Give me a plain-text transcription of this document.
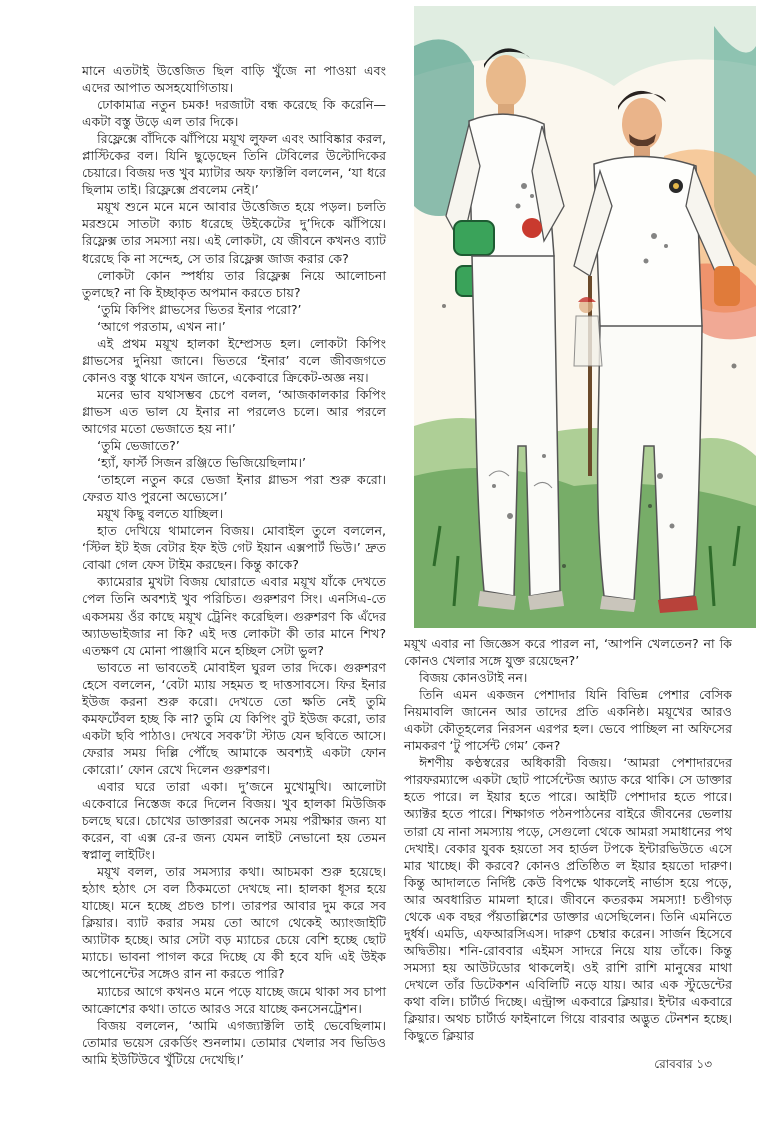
মানে এতটাই উত্তেজিত ছিল বাড়ি খুঁজে না পাওয়া এবং এদের আপাত অসহযোগিতায়।

ঢোকামাত্র নতুন চমক! দরজাটা বন্ধ করেছে কি করেনি— একটা বস্তু উড়ে এল তার দিকে।

রিফ্লেক্সে বাঁদিকে ঝাঁপিয়ে ময়ূখ লুফল এবং আবিষ্কার করল, প্লাস্টিকের বল। যিনি ছুড়েছেন তিনি টেবিলের উল্টোদিকের চেয়ারে। বিজয় দত্ত খুব ম্যাটার অফ ফ্যাক্টলি বললেন, ‘যা ধরে ছিলাম তাই। রিফ্লেক্সে প্রবলেম নেই।’

ময়ূখ শুনে মনে মনে আবার উত্তেজিত হয়ে পড়ল। চলতি মরশুমে সাতটা ক্যাচ ধরেছে উইকেটের দু’দিকে ঝাঁপিয়ে। রিফ্লেক্স তার সমস্যা নয়। এই লোকটা, যে জীবনে কখনও ব্যাট ধরেছে কি না সন্দেহ, সে তার রিফ্লেক্স জাজ করার কে?

লোকটা কোন স্পর্ধায় তার রিফ্লেক্স নিয়ে আলোচনা তুলছে? না কি ইচ্ছাকৃত অপমান করতে চায়?

‘তুমি কিপিং গ্লাভসের ভিতর ইনার পরো?’

‘আগে পরতাম, এখন না।’

এই প্রথম ময়ূখ হালকা ইম্প্রেসড হল। লোকটা কিপিং গ্লাভসের দুনিয়া জানে। ভিতরে ‘ইনার’ বলে জীবজগতে কোনও বস্তু থাকে যখন জানে, একেবারে ক্রিকেট-অজ্ঞ নয়।

মনের ভাব যথাসম্ভব চেপে বলল, ‘আজকালকার কিপিং গ্লাভস এত ভাল যে ইনার না পরলেও চলে। আর পরলে আগের মতো ভেজাতে হয় না।’

‘তুমি ভেজাতে?’

‘হ্যাঁ, ফার্স্ট সিজন রঞ্জিতে ভিজিয়েছিলাম।’

‘তাহলে নতুন করে ভেজা ইনার গ্লাভস পরা শুরু করো। ফেরত যাও পুরনো অভ্যেসে।’

ময়ূখ কিছু বলতে যাচ্ছিল।

হাত দেখিয়ে থামালেন বিজয়। মোবাইল তুলে বললেন, ‘স্টিল ইট ইজ বেটার ইফ ইউ গেট ইয়ান এক্সপার্ট ভিউ।’ দ্রুত বোঝা গেল ফেস টাইম করছেন। কিন্তু কাকে?

ক্যামেরার মুখটা বিজয় ঘোরাতে এবার ময়ূখ যাঁকে দেখতে পেল তিনি অবশ্যই খুব পরিচিত। গুরুশরণ সিং। এনসিএ-তে একসময় ওঁর কাছে ময়ূখ ট্রেনিং করেছিল। গুরুশরণ কি এঁদের অ্যাডভাইজার না কি? এই দত্ত লোকটা কী তার মানে শিখ? এতক্ষণ যে মোনা পাঞ্জাবি মনে হচ্ছিল সেটা ভুল?

ভাবতে না ভাবতেই মোবাইল ঘুরল তার দিকে। গুরুশরণ হেসে বললেন, ‘বেটা ম্যায় সহমত হু দাত্তসাবসে। ফির ইনার ইউজ করনা শুরু করো। দেখতে তো ক্ষতি নেই তুমি কমফর্টেবল হচ্ছ কি না? তুমি যে কিপিং বুট ইউজ করো, তার একটা ছবি পাঠাও। দেখবে সবক’টা স্টাড যেন ছবিতে আসে। ফেরার সময় দিল্লি পৌঁছে আমাকে অবশ্যই একটা ফোন কোরো।’ ফোন রেখে দিলেন গুরুশরণ।

এবার ঘরে তারা একা। দু’জনে মুখোমুখি। আলোটা একেবারে নিস্তেজ করে দিলেন বিজয়। খুব হালকা মিউজিক চলছে ঘরে। চোখের ডাক্তাররা অনেক সময় পরীক্ষার জন্য যা করেন, বা এক্স রে-র জন্য যেমন লাইট নেভানো হয় তেমন স্বপ্নালু লাইটিং।

ময়ূখ বলল, তার সমস্যার কথা। আচমকা শুরু হয়েছে। হঠাৎ হঠাৎ সে বল ঠিকমতো দেখছে না। হালকা ধূসর হয়ে যাচ্ছে। মনে হচ্ছে প্রচণ্ড চাপ। তারপর আবার দুম করে সব ক্লিয়ার। ব্যাট করার সময় তো আগে থেকেই অ্যাংজাইটি অ্যাটাক হচ্ছে। আর সেটা বড় ম্যাচের চেয়ে বেশি হচ্ছে ছোট ম্যাচে। ভাবনা পাগল করে দিচ্ছে যে কী হবে যদি এই উইক অপোনেন্টের সঙ্গেও রান না করতে পারি?

ম্যাচের আগে কখনও মনে পড়ে যাচ্ছে জমে থাকা সব চাপা আক্রোশের কথা। তাতে আরও সরে যাচ্ছে কনসেনট্রেশন।

বিজয় বললেন, ‘আমি এগজ্যাক্টলি তাই ভেবেছিলাম। তোমার ভয়েস রেকর্ডিং শুনলাম। তোমার খেলার সব ভিডিও আমি ইউটিউবে খুঁটিয়ে দেখেছি।’

ময়ূখ এবার না জিজ্ঞেস করে পারল না, ‘আপনি খেলতেন? না কি কোনও খেলার সঙ্গে যুক্ত রয়েছেন?’

বিজয় কোনওটাই নন।

তিনি এমন একজন পেশাদার যিনি বিভিন্ন পেশার বেসিক নিয়মাবলি জানেন আর তাদের প্রতি একনিষ্ঠ। ময়ূখের আরও একটা কৌতূহলের নিরসন এরপর হল। ভেবে পাচ্ছিল না অফিসের নামকরণ ‘টু পার্সেন্ট গেম’ কেন?

ঈশণীয় কণ্ঠস্বরের অধিকারী বিজয়। ‘আমরা পেশাদারদের পারফরম্যান্সে একটা ছোট পার্সেন্টেজ অ্যাড করে থাকি। সে ডাক্তার হতে পারে। ল ইয়ার হতে পারে। আইটি পেশাদার হতে পারে। অ্যাক্টর হতে পারে। শিক্ষাগত পঠনপাঠনের বাইরে জীবনের ভেলায় তারা যে নানা সমস্যায় পড়ে, সেগুলো থেকে আমরা সমাধানের পথ দেখাই। বেকার যুবক হয়তো সব হার্ডল টপকে ইন্টারভিউতে এসে মার খাচ্ছে। কী করবে? কোনও প্রতিষ্ঠিত ল ইয়ার হয়তো দারুণ। কিন্তু আদালতে নির্দিষ্ট কেউ বিপক্ষে থাকলেই নার্ভাস হয়ে পড়ে, আর অবধারিত মামলা হারে। জীবনে কতরকম সমস্যা! চণ্ডীগড় থেকে এক বছর পঁয়তাল্লিশের ডাক্তার এসেছিলেন। তিনি এমনিতে দুর্ধর্ষ। এমডি, এফআরসিএস। দারুণ চেম্বার করেন। সার্জন হিসেবে অদ্বিতীয়। শনি-রোববার এইমস সাদরে নিয়ে যায় তাঁকে। কিন্তু সমস্যা হয় আউটডোর থাকলেই। ওই রাশি রাশি মানুষের মাথা দেখলে তাঁর ডিটেকশন এবিলিটি নড়ে যায়। আর এক স্টুডেন্টের কথা বলি। চার্টার্ড দিচ্ছে। এন্ট্রান্স একবারে ক্লিয়ার। ইন্টার একবারে ক্লিয়ার। অথচ চার্টার্ড ফাইনালে গিয়ে বারবার অদ্ভুত টেনশন হচ্ছে। কিছুতে ক্লিয়ার

রোববার ১৩
